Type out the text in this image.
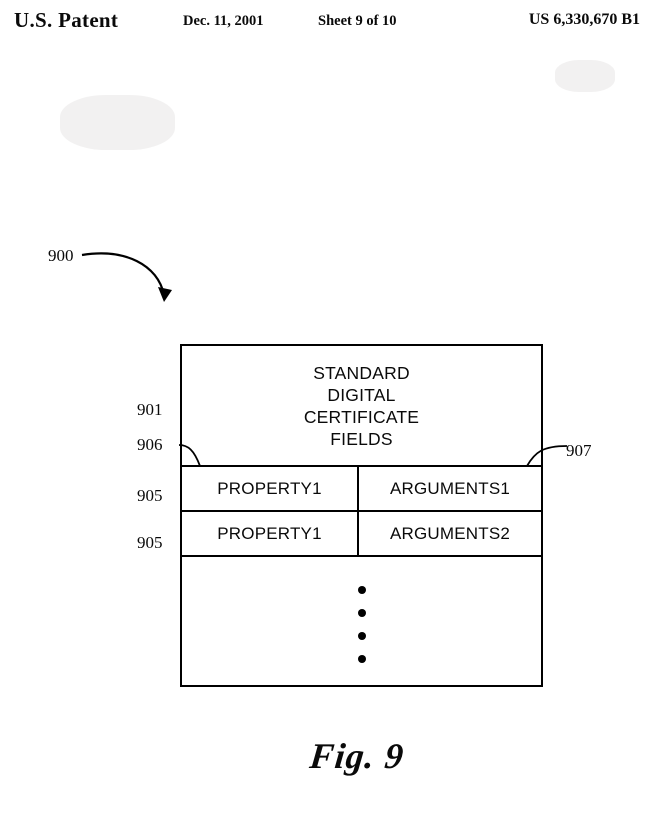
U.S. Patent	Dec. 11, 2001	Sheet 9 of 10	US 6,330,670 B1
900
STANDARD
DIGITAL
CERTIFICATE
FIELDS
PROPERTY1	ARGUMENTS1
PROPERTY1	ARGUMENTS2
901
906
905
905
907
Fig. 9
